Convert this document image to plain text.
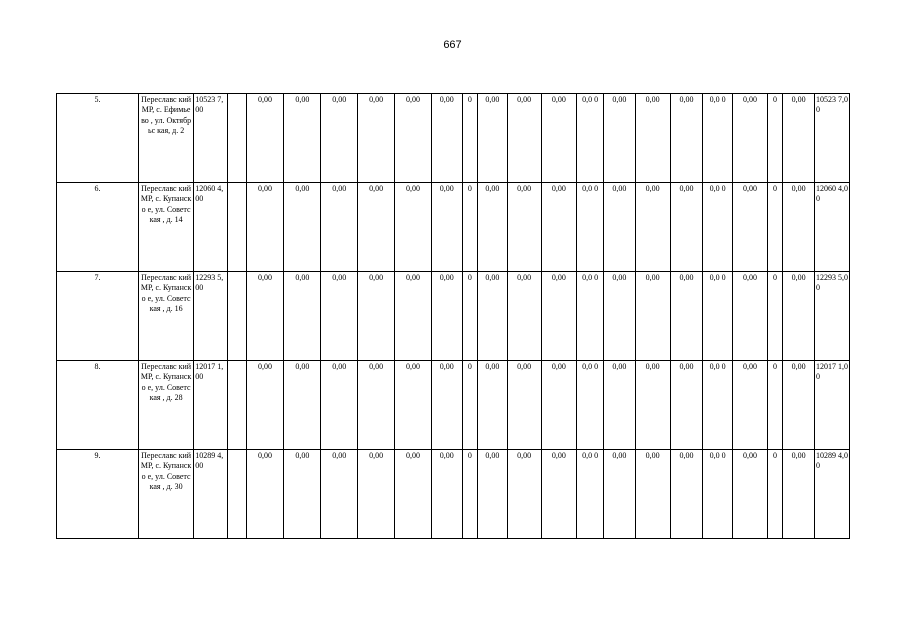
667
5.	Переславс кий МР, с. Ефимьево , ул. Октябрьс кая, д. 2	10523 7,00		0,00	0,00	0,00	0,00	0,00	0,00	0	0,00	0,00	0,00	0,0 0	0,00	0,00	0,00	0,0 0	0,00	0	0,00	10523 7,00
6.	Переславс кий МР, с. Купанско е, ул. Советская , д. 14	12060 4,00		0,00	0,00	0,00	0,00	0,00	0,00	0	0,00	0,00	0,00	0,0 0	0,00	0,00	0,00	0,0 0	0,00	0	0,00	12060 4,00
7.	Переславс кий МР, с. Купанско е, ул. Советская , д. 16	12293 5,00		0,00	0,00	0,00	0,00	0,00	0,00	0	0,00	0,00	0,00	0,0 0	0,00	0,00	0,00	0,0 0	0,00	0	0,00	12293 5,00
8.	Переславс кий МР, с. Купанско е, ул. Советская , д. 28	12017 1,00		0,00	0,00	0,00	0,00	0,00	0,00	0	0,00	0,00	0,00	0,0 0	0,00	0,00	0,00	0,0 0	0,00	0	0,00	12017 1,00
9.	Переславс кий МР, с. Купанско е, ул. Советская , д. 30	10289 4,00		0,00	0,00	0,00	0,00	0,00	0,00	0	0,00	0,00	0,00	0,0 0	0,00	0,00	0,00	0,0 0	0,00	0	0,00	10289 4,00
